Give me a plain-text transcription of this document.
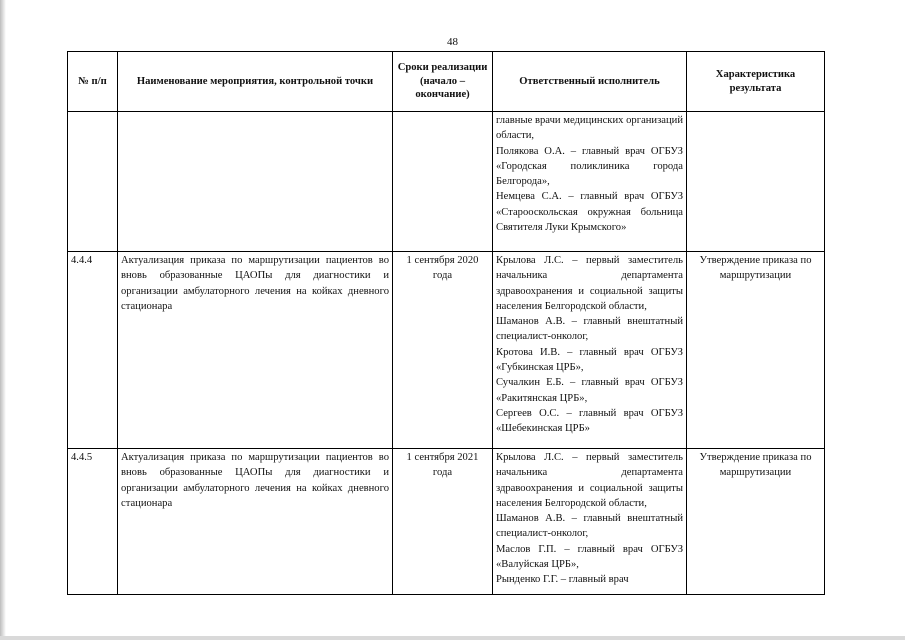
48
№ п/п	Наименование мероприятия, контрольной точки	Сроки реализации (начало – окончание)	Ответственный исполнитель	Характеристика результата

			главные врачи медицинских организаций области,
Полякова О.А. – главный врач ОГБУЗ «Городская поликлиника города Белгорода»,
Немцева С.А. – главный врач ОГБУЗ «Старооскольская окружная больница Святителя Луки Крымского»	

4.4.4	Актуализация приказа по маршрутизации пациентов во вновь образованные ЦАОПы для диагностики и организации амбулаторного лечения на койках дневного стационара	1 сентября 2020 года	Крылова Л.С. – первый заместитель начальника департамента здравоохранения и социальной защиты населения Белгородской области,
Шаманов А.В. – главный внештатный специалист-онколог,
Кротова И.В. – главный врач ОГБУЗ «Губкинская ЦРБ»,
Сучалкин Е.Б. – главный врач ОГБУЗ «Ракитянская ЦРБ»,
Сергеев О.С. – главный врач ОГБУЗ «Шебекинская ЦРБ»	Утверждение приказа по маршрутизации
4.4.5	Актуализация приказа по маршрутизации пациентов во вновь образованные ЦАОПы для диагностики и организации амбулаторного лечения на койках дневного стационара	1 сентября 2021 года	Крылова Л.С. – первый заместитель начальника департамента здравоохранения и социальной защиты населения Белгородской области,
Шаманов А.В. – главный внештатный специалист-онколог,
Маслов Г.П. – главный врач ОГБУЗ «Валуйская ЦРБ»,
Рынденко Г.Г. – главный врач	Утверждение приказа по маршрутизации
